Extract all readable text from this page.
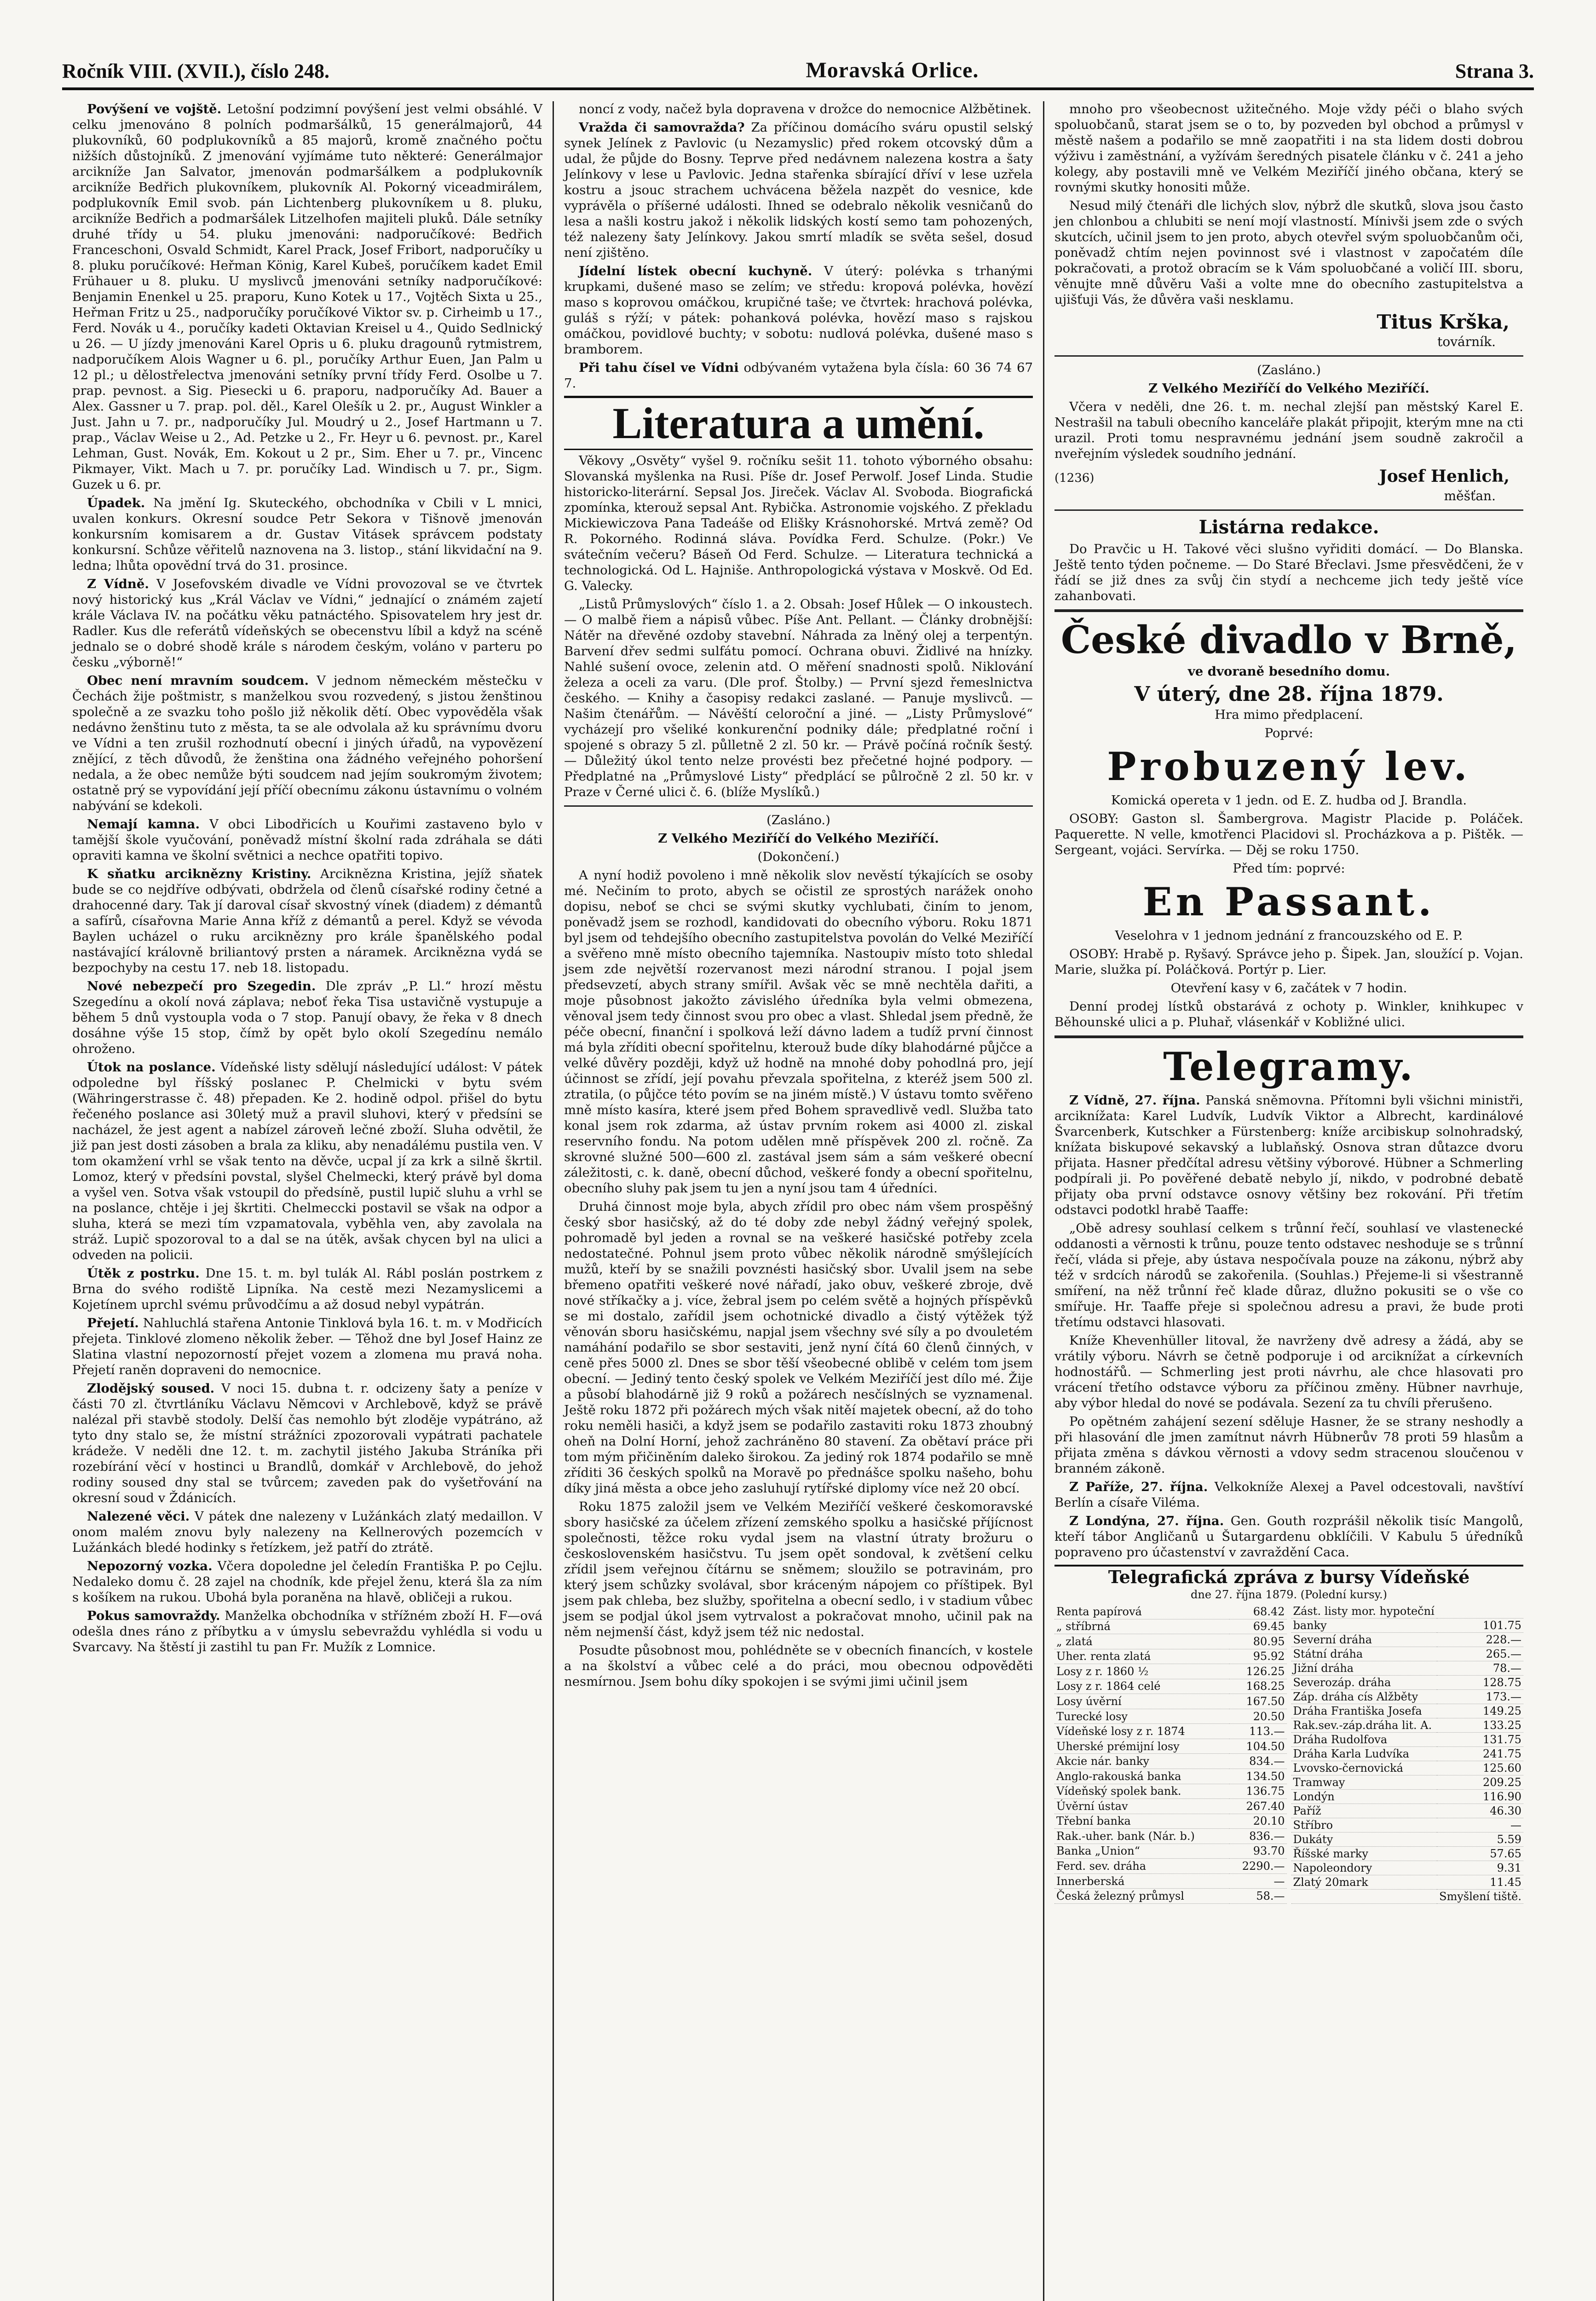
Ročník VIII. (XVII.), číslo 248.	Moravská Orlice.	Strana 3.

Povýšení ve vojště. Letošní podzimní povýšení jest velmi obsáhlé. V celku jmenováno 8 polních podmaršálků, 15 generálmajorů, 44 plukovníků, 60 podplukovníků a 85 majorů, kromě značného počtu nižších důstojníků. Z jmenování vyjímáme tuto některé: Generálmajor arcikníže Jan Salvator, jmenován podmaršálkem a podplukovník arcikníže Bedřich plukovníkem, plukovník Al. Pokorný viceadmirálem, podplukovník Emil svob. pán Lichtenberg plukovníkem u 8. pluku, arcikníže Bedřich a podmaršálek Litzelhofen majiteli pluků. Dále setníky druhé třídy u 54. pluku jmenováni: nadporučíkové: Bedřich Franceschoni, Osvald Schmidt, Karel Prack, Josef Fribort, nadporučíky u 8. pluku poručíkové: Heřman König, Karel Kubeš, poručíkem kadet Emil Frühauer u 8. pluku. U myslivců jmenováni setníky nadporučíkové: Benjamin Enenkel u 25. praporu, Kuno Kotek u 17., Vojtěch Sixta u 25., Heřman Fritz u 25., nadporučíky poručíkové Viktor sv. p. Cirheimb u 17., Ferd. Novák u 4., poručíky kadeti Oktavian Kreisel u 4., Quido Sedlnický u 26. — U jízdy jmenováni Karel Opris u 6. pluku dragounů rytmistrem, nadporučíkem Alois Wagner u 6. pl., poručíky Arthur Euen, Jan Palm u 12 pl.; u dělostřelectva jmenováni setníky první třídy Ferd. Osolbe u 7. prap. pevnost. a Sig. Piesecki u 6. praporu, nadporučíky Ad. Bauer a Alex. Gassner u 7. prap. pol. děl., Karel Olešík u 2. pr., August Winkler a Just. Jahn u 7. pr., nadporučíky Jul. Moudrý u 2., Josef Hartmann u 7. prap., Václav Weise u 2., Ad. Petzke u 2., Fr. Heyr u 6. pevnost. pr., Karel Lehman, Gust. Novák, Em. Kokout u 2 pr., Sim. Eher u 7. pr., Vincenc Pikmayer, Vikt. Mach u 7. pr. poručíky Lad. Windisch u 7. pr., Sigm. Guzek u 6. pr.

Úpadek. Na jmění Ig. Skuteckého, obchodníka v Cbili v L mnici, uvalen konkurs. Okresní soudce Petr Sekora v Tišnově jmenován konkursním komisarem a dr. Gustav Vitásek správcem podstaty konkursní. Schůze věřitelů naznovena na 3. listop., stání likvidační na 9. ledna; lhůta opovědní trvá do 31. prosince.

Z Vídně. V Josefovském divadle ve Vídni provozoval se ve čtvrtek nový historický kus „Král Václav ve Vídni,“ jednající o známém zajetí krále Václava IV. na počátku věku patnáctého. Spisovatelem hry jest dr. Radler. Kus dle referátů vídeňských se obecenstvu líbil a když na scéně jednalo se o dobré shodě krále s národem českým, voláno v parteru po česku „výborně!“

Obec není mravním soudcem. V jednom německém městečku v Čechách žije poštmistr, s manželkou svou rozvedený, s jistou ženštinou společně a ze svazku toho pošlo již několik dětí. Obec vypověděla však nedávno ženštinu tuto z města, ta se ale odvolala až ku správnímu dvoru ve Vídni a ten zrušil rozhodnutí obecní i jiných úřadů, na vypovězení znějící, z těch důvodů, že ženština ona žádného veřejného pohoršení nedala, a že obec nemůže býti soudcem nad jejím soukromým životem; ostatně prý se vypovídání její příčí obecnímu zákonu ústavnímu o volném nabývání se kdekoli.

Nemají kamna. V obci Libodřicích u Kouřimi zastaveno bylo v tamější škole vyučování, poněvadž místní školní rada zdráhala se dáti opraviti kamna ve školní světnici a nechce opatřiti topivo.

K sňatku arciknězny Kristiny. Arciknězna Kristina, jejíž sňatek bude se co nejdříve odbývati, obdržela od členů císařské rodiny četné a drahocenné dary. Tak jí daroval císař skvostný vínek (diadem) z démantů a safírů, císařovna Marie Anna kříž z démantů a perel. Když se vévoda Baylen ucházel o ruku arciknězny pro krále španělského podal nastávající královně briliantový prsten a náramek. Arciknězna vydá se bezpochyby na cestu 17. neb 18. listopadu.

Nové nebezpečí pro Szegedin. Dle zpráv „P. Ll.“ hrozí městu Szegedínu a okolí nová záplava; neboť řeka Tisa ustavičně vystupuje a během 5 dnů vystoupla voda o 7 stop. Panují obavy, že řeka v 8 dnech dosáhne výše 15 stop, čímž by opět bylo okolí Szegedínu nemálo ohroženo.

Útok na poslance. Vídeňské listy sdělují následující událost: V pátek odpoledne byl říšský poslanec P. Chelmicki v bytu svém (Währingerstrasse č. 48) přepaden. Ke 2. hodině odpol. přišel do bytu řečeného poslance asi 30letý muž a pravil sluhovi, který v předsíni se nacházel, že jest agent a nabízel zároveň lečné zboží. Sluha odvětil, že již pan jest dosti zásoben a brala za kliku, aby nenadálému pustila ven. V tom okamžení vrhl se však tento na děvče, ucpal jí za krk a silně škrtil. Lomoz, který v předsíni povstal, slyšel Chelmecki, který právě byl doma a vyšel ven. Sotva však vstoupil do předsíně, pustil lupič sluhu a vrhl se na poslance, chtěje i jej škrtiti. Chelmeccki postavil se však na odpor a sluha, která se mezi tím vzpamatovala, vyběhla ven, aby zavolala na stráž. Lupič spozoroval to a dal se na útěk, avšak chycen byl na ulici a odveden na policii.

Útěk z postrku. Dne 15. t. m. byl tulák Al. Rábl poslán postrkem z Brna do svého rodiště Lipníka. Na cestě mezi Nezamyslicemi a Kojetínem uprchl svému průvodčímu a až dosud nebyl vypátrán.

Přejetí. Nahluchlá stařena Antonie Tinklová byla 16. t. m. v Modřicích přejeta. Tinklové zlomeno několik žeber. — Těhož dne byl Josef Hainz ze Slatina vlastní nepozorností přejet vozem a zlomena mu pravá noha. Přejetí raněn dopraveni do nemocnice.

Zlodějský soused. V noci 15. dubna t. r. odcizeny šaty a peníze v části 70 zl. čtvrtláníku Václavu Němcovi v Archlebově, když se právě nalézal při stavbě stodoly. Delší čas nemohlo být zloděje vypátráno, až tyto dny stalo se, že místní strážníci zpozorovali vypátrati pachatele krádeže. V neděli dne 12. t. m. zachytil jistého Jakuba Stráníka při rozebírání věcí v hostinci u Brandlů, domkář v Archlebově, do jehož rodiny soused dny stal se tvůrcem; zaveden pak do vyšetřování na okresní soud v Ždánicích.

Nalezené věci. V pátek dne nalezeny v Lužánkách zlatý medaillon. V onom malém znovu byly nalezeny na Kellnerových pozemcích v Lužánkách bledé hodinky s řetízkem, jež patří do ztrátě.

Nepozorný vozka. Včera dopoledne jel čeledín Františka P. po Cejlu. Nedaleko domu č. 28 zajel na chodník, kde přejel ženu, která šla za ním s košíkem na rukou. Ubohá byla poraněna na hlavě, obličeji a rukou.

Pokus samovraždy. Manželka obchodníka v střížném zboží H. F—ová odešla dnes ráno z příbytku a v úmyslu sebevraždu vyhlédla si vodu u Svarcavy. Na štěstí ji zastihl tu pan Fr. Mužík z Lomnice.

noncí z vody, načež byla dopravena v drožce do nemocnice Alžbětinek.

Vražda či samovražda? Za příčinou domácího sváru opustil selský synek Jelínek z Pavlovic (u Nezamyslic) před rokem otcovský dům a udal, že půjde do Bosny. Teprve před nedávnem nalezena kostra a šaty Jelínkovy v lese u Pavlovic. Jedna stařenka sbírající dříví v lese uzřela kostru a jsouc strachem uchvácena běžela nazpět do vesnice, kde vyprávěla o příšerné události. Ihned se odebralo několik vesničanů do lesa a našli kostru jakož i několik lidských kostí semo tam pohozených, též nalezeny šaty Jelínkovy. Jakou smrtí mladík se světa sešel, dosud není zjištěno.

Jídelní lístek obecní kuchyně. V úterý: polévka s trhanými krupkami, dušené maso se zelím; ve středu: kropová polévka, hovězí maso s koprovou omáčkou, krupičné taše; ve čtvrtek: hrachová polévka, guláš s rýží; v pátek: pohanková polévka, hovězí maso s rajskou omáčkou, povidlové buchty; v sobotu: nudlová polévka, dušené maso s bramborem.

Při tahu čísel ve Vídni odbývaném vytažena byla čísla: 60 36 74 67 7.

Literatura a umění.

Věkovy „Osvěty“ vyšel 9. ročníku sešit 11. tohoto výborného obsahu: Slovanská myšlenka na Rusi. Píše dr. Josef Perwolf. Josef Linda. Studie historicko-literární. Sepsal Jos. Jireček. Václav Al. Svoboda. Biografická zpomínka, kterouž sepsal Ant. Rybička. Astronomie vojského. Z překladu Mickiewiczova Pana Tadeáše od Elišky Krásnohorské. Mrtvá země? Od R. Pokorného. Rodinná sláva. Povídka Ferd. Schulze. (Pokr.) Ve svátečním večeru? Báseň Od Ferd. Schulze. — Literatura technická a technologická. Od L. Hajniše. Anthropologická výstava v Moskvě. Od Ed. G. Valecky.

„Listů Průmyslových“ číslo 1. a 2. Obsah: Josef Hůlek — O inkoustech. — O malbě řiem a nápisů vůbec. Píše Ant. Pellant. — Články drobnější: Nátěr na dřevěné ozdoby stavební. Náhrada za lněný olej a terpentýn. Barvení dřev sedmi sulfátu pomocí. Ochrana obuvi. Židlivé na hnízky. Nahlé sušení ovoce, zelenin atd. O měření snadnosti spolů. Niklování železa a oceli za varu. (Dle prof. Štolby.) — První sjezd řemeslnictva českého. — Knihy a časopisy redakci zaslané. — Panuje myslivců. — Našim čtenářům. — Návěští celoroční a jiné. — „Listy Průmyslové“ vycházejí pro všeliké konkurenční podniky dále; předplatné roční i spojené s obrazy 5 zl. půlletně 2 zl. 50 kr. — Právě počíná ročník šestý. — Důležitý úkol tento nelze provésti bez přečetné hojné podpory. — Předplatné na „Průmyslové Listy“ předplácí se půlročně 2 zl. 50 kr. v Praze v Černé ulici č. 6. (blíže Myslíků.)

(Zasláno.)

Z Velkého Meziříčí do Velkého Meziříčí.

(Dokončení.)

A nyní hodiž povoleno i mně několik slov nevěstí týkajících se osoby mé. Nečiním to proto, abych se očistil ze sprostých narážek onoho dopisu, neboť se chci se svými skutky vychlubati, činím to jenom, poněvadž jsem se rozhodl, kandidovati do obecního výboru. Roku 1871 byl jsem od tehdejšího obecního zastupitelstva povolán do Velké Meziříčí a svěřeno mně místo obecního tajemníka. Nastoupiv místo toto shledal jsem zde největší rozervanost mezi národní stranou. I pojal jsem předsevzetí, abych strany smířil. Avšak věc se mně nechtěla dařiti, a moje působnost jakožto závislého úředníka byla velmi obmezena, věnoval jsem tedy činnost svou pro obec a vlast. Shledal jsem předně, že péče obecní, finanční i spolková leží dávno ladem a tudíž první činnost má byla zříditi obecní spořitelnu, kterouž bude díky blahodárné půjčce a velké důvěry později, když už hodně na mnohé doby pohodlná pro, její účinnost se zřídí, její povahu převzala spořitelna, z kteréž jsem 500 zl. ztratila, (o půjčce této povím se na jiném místě.) V ústavu tomto svěřeno mně místo kasíra, které jsem před Bohem spravedlivě vedl. Služba tato konal jsem rok zdarma, až ústav prvním rokem asi 4000 zl. ziskal reservního fondu. Na potom udělen mně příspěvek 200 zl. ročně. Za skrovné služné 500—600 zl. zastával jsem sám a sám veškeré obecní záležitosti, c. k. daně, obecní důchod, veškeré fondy a obecní spořitelnu, obecního sluhy pak jsem tu jen a nyní jsou tam 4 úředníci.

Druhá činnost moje byla, abych zřídil pro obec nám všem prospěšný český sbor hasičský, až do té doby zde nebyl žádný veřejný spolek, pohromadě byl jeden a rovnal se na veškeré hasičské potřeby zcela nedostatečné. Pohnul jsem proto vůbec několik národně smýšlejících mužů, kteří by se snažili povznésti hasičský sbor. Uvalil jsem na sebe břemeno opatřiti veškeré nové nářadí, jako obuv, veškeré zbroje, dvě nové stříkačky a j. více, žebral jsem po celém světě a hojných příspěvků se mi dostalo, zařídil jsem ochotnické divadlo a čistý výtěžek týž věnován sboru hasičskému, napjal jsem všechny své síly a po dvouletém namáhání podařilo se sbor sestaviti, jenž nyní čítá 60 členů činných, v ceně přes 5000 zl. Dnes se sbor těší všeobecné oblibě v celém tom jsem obecní. — Jediný tento český spolek ve Velkém Meziříčí jest dílo mé. Žije a působí blahodárně již 9 roků a požárech nesčíslných se vyznamenal. Ještě roku 1872 při požárech mých však nitěí majetek obecní, až do toho roku neměli hasiči, a když jsem se podařilo zastaviti roku 1873 zhoubný oheň na Dolní Horní, jehož zachráněno 80 stavení. Za obětaví práce při tom mým přičiněním daleko širokou. Za jediný rok 1874 podařilo se mně zříditi 36 českých spolků na Moravě po přednášce spolku našeho, bohu díky jiná města a obce jeho zasluhují rytířské diplomy více než 20 obcí.

Roku 1875 založil jsem ve Velkém Meziříčí veškeré českomoravské sbory hasičské za účelem zřízení zemského spolku a hasičské příjícnost společnosti, těžce roku vydal jsem na vlastní útraty brožuru o československém hasičstvu. Tu jsem opět sondoval, k zvětšení celku zřídil jsem veřejnou čítárnu se sněmem; sloužilo se potravinám, pro který jsem schůzky svolával, sbor kráceným nápojem co příštipek. Byl jsem pak chleba, bez služby, spořitelna a obecní sedlo, i v stadium vůbec jsem se podjal úkol jsem vytrvalost a pokračovat mnoho, učinil pak na něm nejmenší část, když jsem též nic nedostal.

Posudte působnost mou, pohlédněte se v obecních financích, v kostele a na školství a vůbec celé a do práci, mou obecnou odpověděti nesmírnou. Jsem bohu díky spokojen i se svými jimi učinil jsem

mnoho pro všeobecnost užitečného. Moje vždy péči o blaho svých spoluobčanů, starat jsem se o to, by pozveden byl obchod a průmysl v městě našem a podařilo se mně zaopatřiti i na sta lidem dosti dobrou výživu i zaměstnání, a vyžívám šeredných pisatele článku v č. 241 a jeho kolegy, aby postavili mně ve Velkém Meziříčí jiného občana, který se rovnými skutky honositi může.

Nesud milý čtenáři dle lichých slov, nýbrž dle skutků, slova jsou často jen chlonbou a chlubiti se není mojí vlastností. Mínivši jsem zde o svých skutcích, učinil jsem to jen proto, abych otevřel svým spoluobčanům oči, poněvadž chtím nejen povinnost své i vlastnost v započatém díle pokračovati, a protož obracím se k Vám spoluobčané a voličí III. sboru, věnujte mně důvěru Vaši a volte mne do obecního zastupitelstva a ujišťuji Vás, že důvěra vaši nesklamu.

Titus Krška,
továrník.

(Zasláno.)

Z Velkého Meziříčí do Velkého Meziříčí.

Včera v neděli, dne 26. t. m. nechal zlejší pan městský Karel E. Nestrašil na tabuli obecního kanceláře plakát připojit, kterým mne na cti urazil. Proti tomu nespravnému jednání jsem soudně zakročil a nveřejním výsledek soudního jednání.

(1236)	Josef Henlich,
měšťan.

Listárna redakce.

Do Pravčic u H. Takové věci slušno vyřiditi domácí. — Do Blanska. Ještě tento týden počneme. — Do Staré Břeclavi. Jsme přesvědčeni, že v řádí se již dnes za svůj čin stydí a nechceme jich tedy ještě více zahanbovati.

České divadlo v Brně,

ve dvoraně besedního domu.

V úterý, dne 28. října 1879.

Hra mimo předplacení.

Poprvé:

Probuzený lev.

Komická opereta v 1 jedn. od E. Z. hudba od J. Brandla.

OSOBY: Gaston sl. Šambergrova. Magistr Placide p. Poláček. Paquerette. N velle, kmotřenci Placidovi sl. Procházkova a p. Pištěk. — Sergeant, vojáci. Servírka. — Děj se roku 1750.

Před tím: poprvé:

En Passant.

Veselohra v 1 jednom jednání z francouzského od E. P.

OSOBY: Hrabě p. Ryšavý. Správce jeho p. Šipek. Jan, sloužící p. Vojan. Marie, služka pí. Poláčková. Portýr p. Lier.

Otevření kasy v 6, začátek v 7 hodin.

Denní prodej lístků obstarává z ochoty p. Winkler, knihkupec v Běhounské ulici a p. Pluhař, vlásenkář v Kobližné ulici.

Telegramy.

Z Vídně, 27. října. Panská sněmovna. Přítomni byli všichni ministři, arciknížata: Karel Ludvík, Ludvík Viktor a Albrecht, kardinálové Švarcenberk, Kutschker a Fürstenberg: kníže arcibiskup solnohradský, knížata biskupové sekavský a lublaňský. Osnova stran důtazce dvoru přijata. Hasner předčítal adresu většiny výborové. Hübner a Schmerling podpírali ji. Po pověřené debatě nebylo jí, nikdo, v podrobné debatě přijaty oba první odstavce osnovy většiny bez rokování. Při třetím odstavci podotkl hrabě Taaffe:

„Obě adresy souhlasí celkem s trůnní řečí, souhlasí ve vlastenecké oddanosti a věrnosti k trůnu, pouze tento odstavec neshoduje se s trůnní řečí, vláda si přeje, aby ústava nespočívala pouze na zákonu, nýbrž aby též v srdcích národů se zakořenila. (Souhlas.) Přejeme-li si všestranně smíření, na něž trůnní řeč klade důraz, dlužno pokusiti se o vše co smířuje. Hr. Taaffe přeje si společnou adresu a pravi, že bude proti třetímu odstavci hlasovati.

Kníže Khevenhüller litoval, že navrženy dvě adresy a žádá, aby se vrátily výboru. Návrh se četně podporuje i od arciknížat a církevních hodnostářů. — Schmerling jest proti návrhu, ale chce hlasovati pro vrácení třetího odstavce výboru za příčinou změny. Hübner navrhuje, aby výbor hledal do nové se podávala. Sezení za tu chvíli přerušeno.

Po opětném zahájení sezení sděluje Hasner, že se strany neshodly a při hlasování dle jmen zamítnut návrh Hübnerův 78 proti 59 hlasům a přijata změna s dávkou věrnosti a vdovy sedm stracenou sloučenou v branném zákoně.

Z Paříže, 27. října. Velkokníže Alexej a Pavel odcestovali, navštíví Berlín a císaře Viléma.

Z Londýna, 27. října. Gen. Gouth rozprášil několik tisíc Mangolů, kteří tábor Angličanů u Šutargardenu obklíčili. V Kabulu 5 úředníků popraveno pro účastenství v zavraždění Caca.

Telegrafická zpráva z bursy Vídeňské

dne 27. října 1879. (Polední kursy.)

Renta papírová	68.42
„ stříbrná	69.45
„ zlatá	80.95
Uher. renta zlatá	95.92
Losy z r. 1860 ½	126.25
Losy z r. 1864 celé	168.25
Losy úvěrní	167.50
Turecké losy	20.50
Vídeňské losy z r. 1874	113.—
Uherské prémijní losy	104.50
Akcie nár. banky	834.—
Anglo-rakouská banka	134.50
Vídeňský spolek bank.	136.75
Úvěrní ústav	267.40
Třební banka	20.10
Rak.-uher. bank (Nár. b.)	836.—
Banka „Union“	93.70
Ferd. sev. dráha	2290.—
Innerberská	—
Česká železný průmysl	58.—
Zást. listy mor. hypoteční	
banky	101.75
Severní dráha	228.—
Státní dráha	265.—
Jižní dráha	78.—
Severozáp. dráha	128.75
Záp. dráha cís Alžběty	173.—
Dráha Františka Josefa	149.25
Rak.sev.-záp.dráha lit. A.	133.25
Dráha Rudolfova	131.75
Dráha Karla Ludvíka	241.75
Lvovsko-černovická	125.60
Tramway	209.25
Londýn	116.90
Paříž	46.30
Stříbro	—
Dukáty	5.59
Říšské marky	57.65
Napoleondory	9.31
Zlatý 20mark	11.45
	Smyšlení tiště.
